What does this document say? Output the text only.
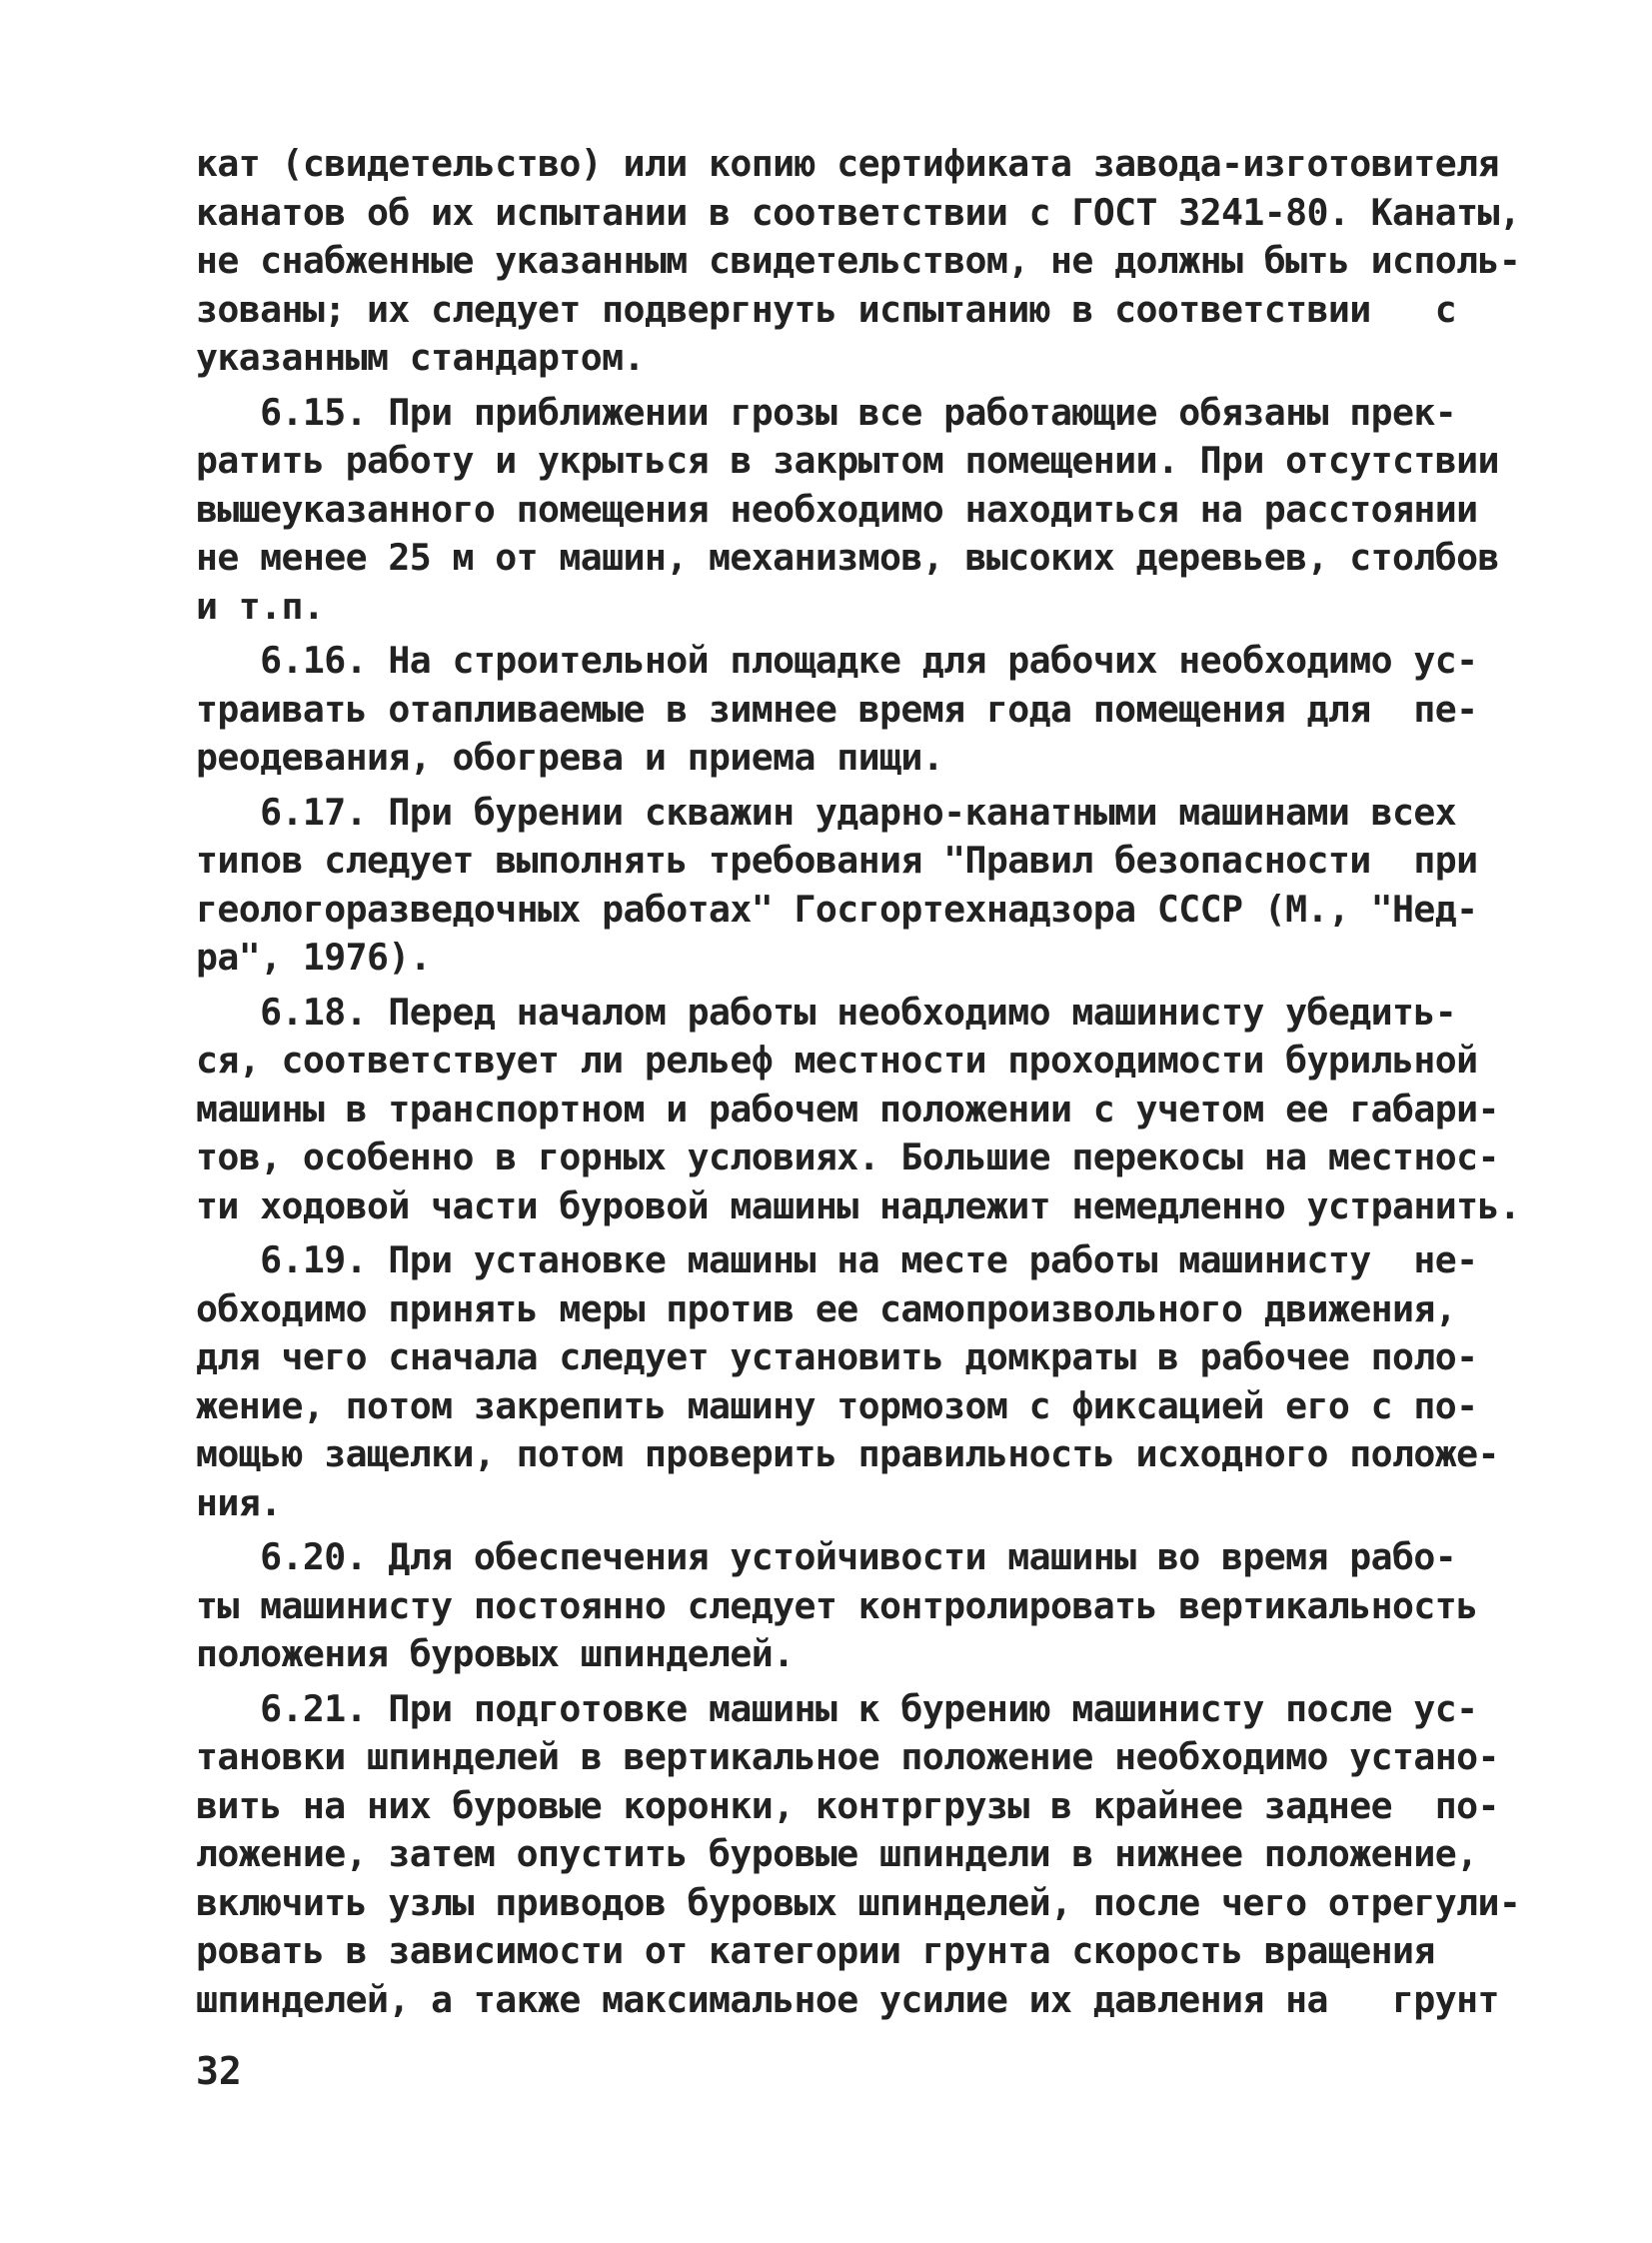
кат (свидетельство) или копию сертификата завода-изготовителя
канатов об их испытании в соответствии с ГОСТ 3241-80. Канаты,
не снабженные указанным свидетельством, не должны быть исполь-
зованы; их следует подвергнуть испытанию в соответствии   с
указанным стандартом.
6.15. При приближении грозы все работающие обязаны прек-
ратить работу и укрыться в закрытом помещении. При отсутствии
вышеуказанного помещения необходимо находиться на расстоянии
не менее 25 м от машин, механизмов, высоких деревьев, столбов
и т.п.
6.16. На строительной площадке для рабочих необходимо ус-
траивать отапливаемые в зимнее время года помещения для  пе-
реодевания, обогрева и приема пищи.
6.17. При бурении скважин ударно-канатными машинами всех
типов следует выполнять требования "Правил безопасности  при
геологоразведочных работах" Госгортехнадзора СССР (М., "Нед-
ра", 1976).
6.18. Перед началом работы необходимо машинисту убедить-
ся, соответствует ли рельеф местности проходимости бурильной
машины в транспортном и рабочем положении с учетом ее габари-
тов, особенно в горных условиях. Большие перекосы на местнос-
ти ходовой части буровой машины надлежит немедленно устранить.
6.19. При установке машины на месте работы машинисту  не-
обходимо принять меры против ее самопроизвольного движения,
для чего сначала следует установить домкраты в рабочее поло-
жение, потом закрепить машину тормозом с фиксацией его с по-
мощью защелки, потом проверить правильность исходного положе-
ния.
6.20. Для обеспечения устойчивости машины во время рабо-
ты машинисту постоянно следует контролировать вертикальность
положения буровых шпинделей.
6.21. При подготовке машины к бурению машинисту после ус-
тановки шпинделей в вертикальное положение необходимо устано-
вить на них буровые коронки, контргрузы в крайнее заднее  по-
ложение, затем опустить буровые шпиндели в нижнее положение,
включить узлы приводов буровых шпинделей, после чего отрегули-
ровать в зависимости от категории грунта скорость вращения
шпинделей, а также максимальное усилие их давления на   грунт
32
